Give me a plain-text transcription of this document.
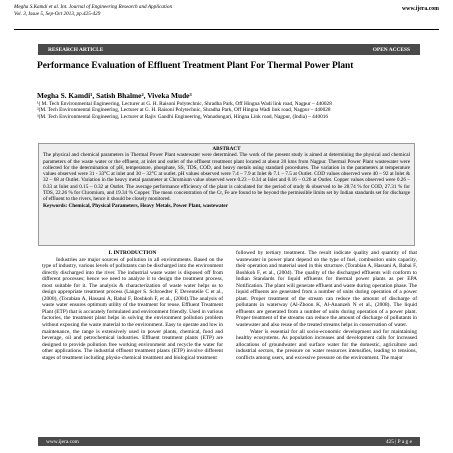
Megha S.Kamdi et al. Int. Journal of Engineering Research and Application
Vol. 3, Issue 5, Sep-Oct 2013, pp.425-429
www.ijera.com
RESEARCH ARTICLE	OPEN ACCESS
Performance Evaluation of Effluent Treatment Plant For Thermal Power Plant
Megha S. Kamdi¹, Satish Bhalme², Viveka Mude³
¹( M. Tech Environmental Engineering, Lecturer at G. H. Raisoni Polytechnic, Shradha Park, Off Hingna Wadi link road, Nagpur – 440028
²(M. Tech Environmental Engineering, Lecturer at G. H. Raisoni Polytechnic, Shradha Park, Off Hingna Wadi link road, Nagpur – 440028
³(M. Tech Environmental Engineering, Lecturer at Rajiv Gandhi Engineering, Wanadongari, Hingna Link road, Nagpur, (India) – 440016
ABSTRACT
The physical and chemical parameters in Thermal Power Plant wastewater were determined. The work of the present study is aimed at determining the physical and chemical parameters of the waste water or the effluent, at inlet and outlet of the effluent treatment plant located at about 20 kms from Nagpur. Thermal Power Plant wastewater were collected for the determination of pH, temperature, phosphate, SS, TDS, COD, and heavy metals using standard procedures. The variation in the parameters at temperature values observed were 31 - 33°C at inlet and 30 – 32°C at outlet. pH values observed were 7.4 – 7.9 at Inlet & 7.1 – 7.5 at Outlet. COD values observed were 40 – 92 at Inlet & 32 – 68 at Outlet. Variation in the heavy metal parameter at Chromium value observed were 0.23 – 0.34 at Inlet and 0.16 – 0.26 at Outlet. Copper values observed were 0.26 – 0.33 at Inlet and 0.15 – 0.32 at Outlet. The average performance efficiency of the plant is calculated for the period of study & observed to be 28.74 % for COD, 27.31 % for TDS, 22.26 % for Chromium, and 19.34 % Copper. The mean concentration of the Cr, Fe are found to be beyond the permissible limits set by Indian standards set for discharge of effluent to the rivers, hence it should be closely monitored.
Keywords: Chemical, Physical Parameters, Heavy Metals, Power Plant, wastewater
I. INTRODUCTION
Industries are major sources of pollution in all environments. Based on the type of industry, various levels of pollutants can be discharged into the environment directly discharged into the river. The industrial waste water is disposed off from different processes; hence we need to analyze it to design the treatment process, most suitable for it. The analysis & characterization of waste water helps us to design appropriate treatment process (Langer S. Schroedter F, Deventeile C et al., (2000), (Torabian A, Hassani A, Babai F, Boshkoh F, et al., (2004).The analysis of waste water ensures optimum utility of the treatment for reuse. Effluent Treatment Plant (ETP) that is accurately formulated and environment friendly. Used in various factories, the treatment plant helps in solving the environment pollution problem without exposing the waste material to the environment. Easy to operate and low in maintenance, the range is extensively used in power plants, chemical, food and beverage, oil and petrochemical industries. Effluent treatment plants (ETP) are designed to provide pollution free working environment and recycle the water for other applications. The industrial effluent treatment plants (ETP) involve different stages of treatment including physio-chemical treatment and biological treatment
followed by tertiary treatment. The result indicate quality and quantity of that wastewater in power plant depend on the type of fuel, combustion units capacity, their operation and material used in this structure. (Torabian A, Hassani A, Babai F, Boshkoh F, et al., (2004). The quality of the discharged effluents will conform to Indian Standards for liquid effluents for thermal power plants as per EPA Notification. The plant will generate effluent and waste during operation phase. The liquid effluents are generated from a number of units during operation of a power plant. Proper treatment of the stream can reduce the amount of discharge of pollutants in waterway (Al-Zboon K, Al-Ananzeh N et al., (2008). The liquid effluents are generated from a number of units during operation of a power plant. Proper treatment of the streams can reduce the amount of discharge of pollutants in wastewater and also reuse of the treated streams helps in conservation of water.
Water is essential for all socio-economic development and for maintaining healthy ecosystems. As population increases and development calls for increased allocations of groundwater and surface water for the domestic, agriculture and industrial sectors, the pressure on water resources intensifies, leading to tensions, conflicts among users, and excessive pressure on the environment. The major
www.ijera.com	425 | P a g e
